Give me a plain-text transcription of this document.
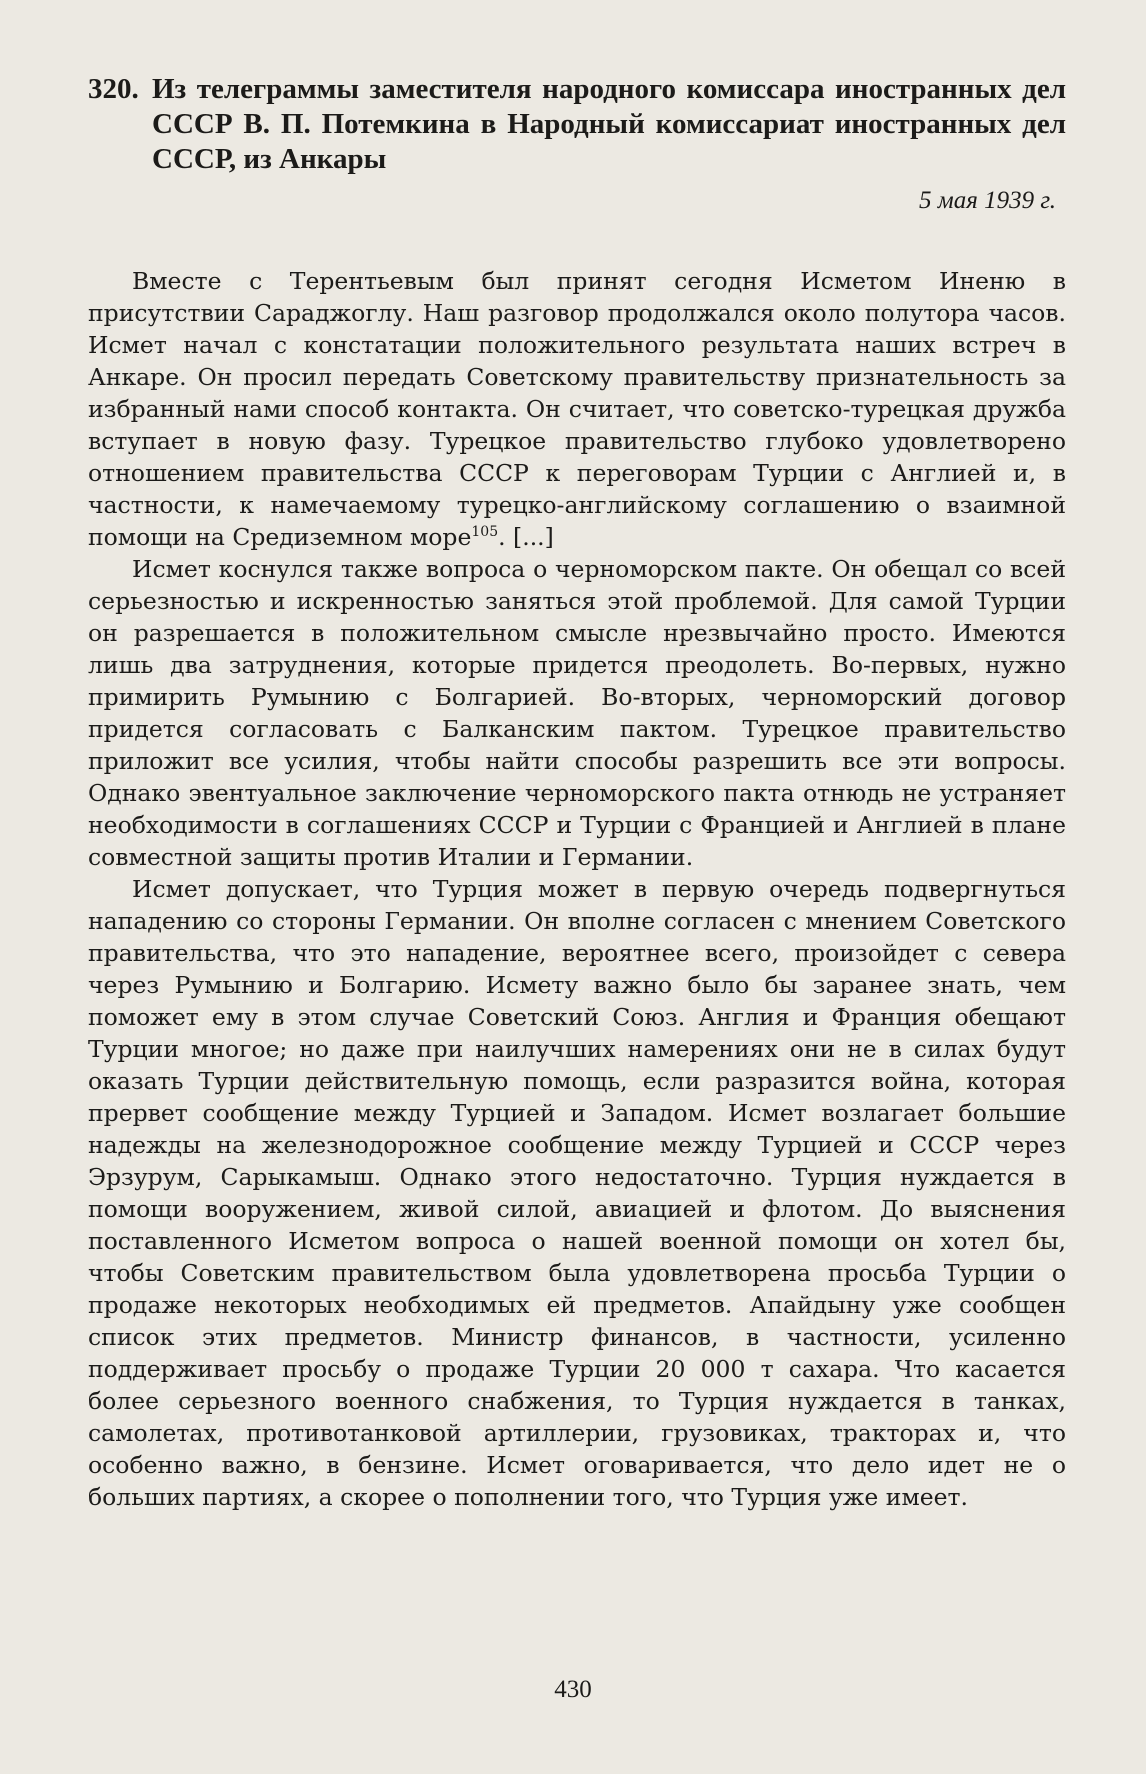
320. Из телеграммы заместителя народного комиссара иностранных дел СССР В. П. Потемкина в Народный комиссариат иностранных дел СССР, из Анкары
5 мая 1939 г.

Вместе с Терентьевым был принят сегодня Исметом Иненю в присутствии Сараджоглу. Наш разговор продолжался около полутора часов. Исмет начал с констатации положительного результата наших встреч в Анкаре. Он просил передать Советскому правительству признательность за избранный нами способ контакта. Он считает, что советско-турецкая дружба вступает в новую фазу. Турецкое правительство глубоко удовлетворено отношением правительства СССР к переговорам Турции с Англией и, в частности, к намечаемому турецко-английскому соглашению о взаимной помощи на Средиземном море$^{105}$. [...]

Исмет коснулся также вопроса о черноморском пакте. Он обещал со всей серьезностью и искренностью заняться этой проблемой. Для самой Турции он разрешается в положительном смысле нрезвычайно просто. Имеются лишь два затруднения, которые придется преодолеть. Во-первых, нужно примирить Румынию с Болгарией. Во-вторых, черноморский договор придется согласовать с Балканским пактом. Турецкое правительство приложит все усилия, чтобы найти способы разрешить все эти вопросы. Однако эвентуальное заключение черноморского пакта отнюдь не устраняет необходимости в соглашениях СССР и Турции с Францией и Англией в плане совместной защиты против Италии и Германии.

Исмет допускает, что Турция может в первую очередь подвергнуться нападению со стороны Германии. Он вполне согласен с мнением Советского правительства, что это нападение, вероятнее всего, произойдет с севера через Румынию и Болгарию. Исмету важно было бы заранее знать, чем поможет ему в этом случае Советский Союз. Англия и Франция обещают Турции многое; но даже при наилучших намерениях они не в силах будут оказать Турции действительную помощь, если разразится война, которая прервет сообщение между Турцией и Западом. Исмет возлагает большие надежды на железнодорожное сообщение между Турцией и СССР через Эрзурум, Сарыкамыш. Однако этого недостаточно. Турция нуждается в помощи вооружением, живой силой, авиацией и флотом. До выяснения поставленного Исметом вопроса о нашей военной помощи он хотел бы, чтобы Советским правительством была удовлетворена просьба Турции о продаже некоторых необходимых ей предметов. Апайдыну уже сообщен список этих предметов. Министр финансов, в частности, усиленно поддерживает просьбу о продаже Турции 20 000 т сахара. Что касается более серьезного военного снабжения, то Турция нуждается в танках, самолетах, противотанковой артиллерии, грузовиках, тракторах и, что особенно важно, в бензине. Исмет оговаривается, что дело идет не о больших партиях, а скорее о пополнении того, что Турция уже имеет.

430
